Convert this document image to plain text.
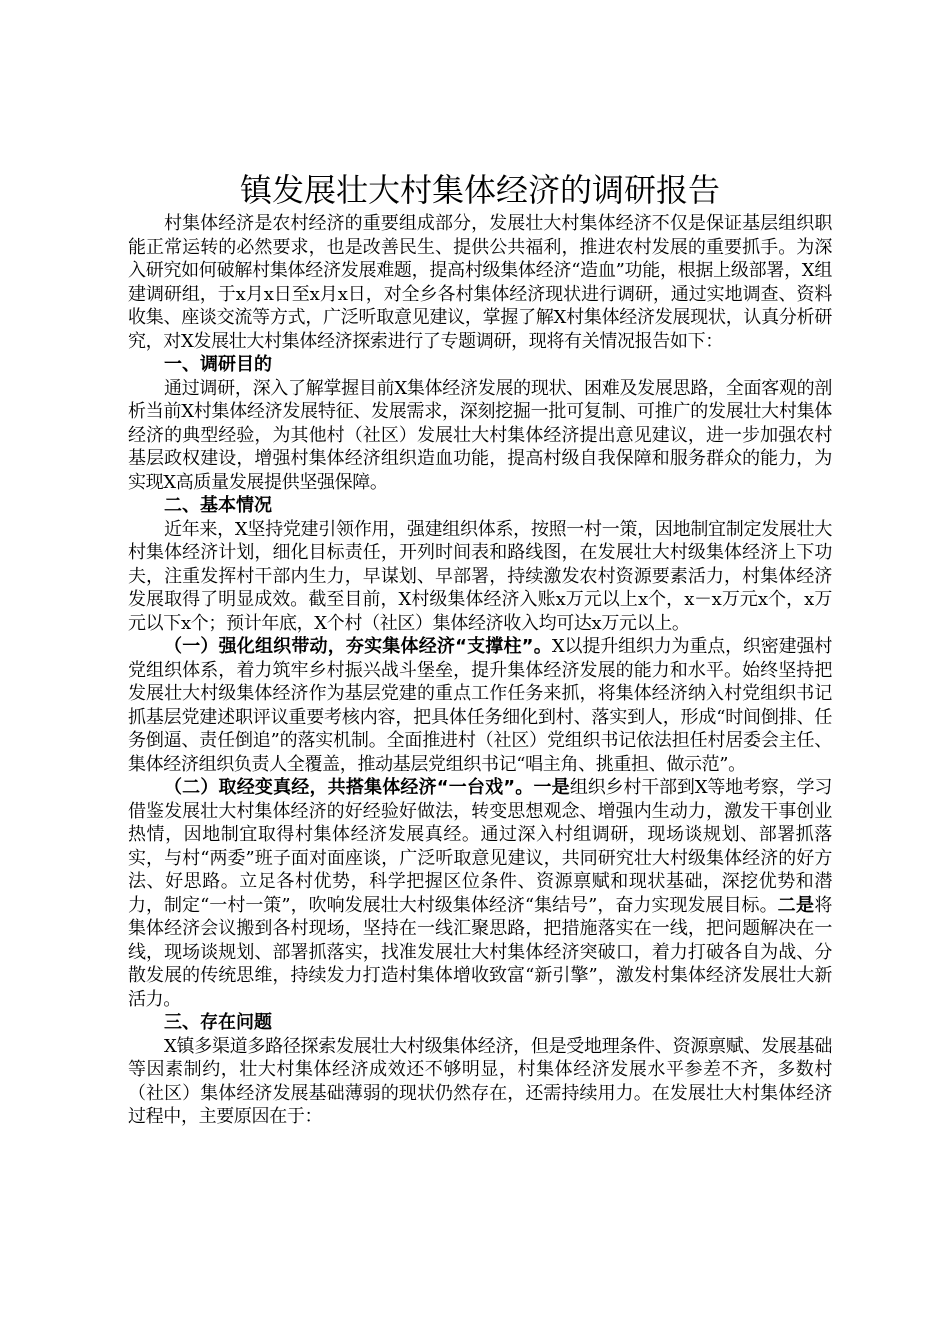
镇发展壮大村集体经济的调研报告

村集体经济是农村经济的重要组成部分，发展壮大村集体经济不仅是保证基层组织职能正常运转的必然要求，也是改善民生、提供公共福利，推进农村发展的重要抓手。为深入研究如何破解村集体经济发展难题，提高村级集体经济“造血”功能，根据上级部署，X组建调研组，于x月x日至x月x日，对全乡各村集体经济现状进行调研，通过实地调查、资料收集、座谈交流等方式，广泛听取意见建议，掌握了解X村集体经济发展现状，认真分析研究，对X发展壮大村集体经济探索进行了专题调研，现将有关情况报告如下：

一、调研目的

通过调研，深入了解掌握目前X集体经济发展的现状、困难及发展思路，全面客观的剖析当前X村集体经济发展特征、发展需求，深刻挖掘一批可复制、可推广的发展壮大村集体经济的典型经验，为其他村（社区）发展壮大村集体经济提出意见建议，进一步加强农村基层政权建设，增强村集体经济组织造血功能，提高村级自我保障和服务群众的能力，为实现X高质量发展提供坚强保障。

二、基本情况

近年来，X坚持党建引领作用，强建组织体系，按照一村一策，因地制宜制定发展壮大村集体经济计划，细化目标责任，开列时间表和路线图，在发展壮大村级集体经济上下功夫，注重发挥村干部内生力，早谋划、早部署，持续激发农村资源要素活力，村集体经济发展取得了明显成效。截至目前，X村级集体经济入账x万元以上x个，x－x万元x个，x万元以下x个；预计年底，X个村（社区）集体经济收入均可达x万元以上。

（一）强化组织带动，夯实集体经济“支撑柱”。X以提升组织力为重点，织密建强村党组织体系，着力筑牢乡村振兴战斗堡垒，提升集体经济发展的能力和水平。始终坚持把发展壮大村级集体经济作为基层党建的重点工作任务来抓，将集体经济纳入村党组织书记抓基层党建述职评议重要考核内容，把具体任务细化到村、落实到人，形成“时间倒排、任务倒逼、责任倒追”的落实机制。全面推进村（社区）党组织书记依法担任村居委会主任、集体经济组织负责人全覆盖，推动基层党组织书记“唱主角、挑重担、做示范”。

（二）取经变真经，共搭集体经济“一台戏”。一是组织乡村干部到X等地考察，学习借鉴发展壮大村集体经济的好经验好做法，转变思想观念、增强内生动力，激发干事创业热情，因地制宜取得村集体经济发展真经。通过深入村组调研，现场谈规划、部署抓落实，与村“两委”班子面对面座谈，广泛听取意见建议，共同研究壮大村级集体经济的好方法、好思路。立足各村优势，科学把握区位条件、资源禀赋和现状基础，深挖优势和潜力，制定“一村一策”，吹响发展壮大村级集体经济“集结号”，奋力实现发展目标。二是将集体经济会议搬到各村现场，坚持在一线汇聚思路，把措施落实在一线，把问题解决在一线，现场谈规划、部署抓落实，找准发展壮大村集体经济突破口，着力打破各自为战、分散发展的传统思维，持续发力打造村集体增收致富“新引擎”，激发村集体经济发展壮大新活力。

三、存在问题

X镇多渠道多路径探索发展壮大村级集体经济，但是受地理条件、资源禀赋、发展基础等因素制约，壮大村集体经济成效还不够明显，村集体经济发展水平参差不齐，多数村（社区）集体经济发展基础薄弱的现状仍然存在，还需持续用力。在发展壮大村集体经济过程中，主要原因在于：
